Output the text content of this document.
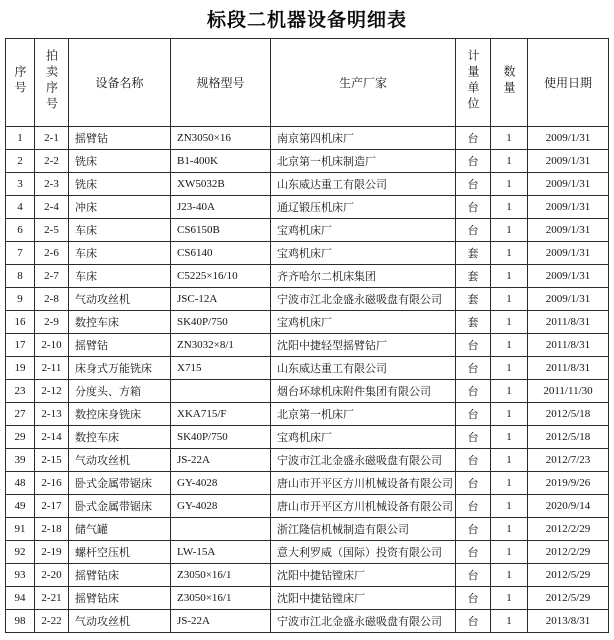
标段二机器设备明细表
序号	拍卖序号	设备名称	规格型号	生产厂家	计量单位	数量	使用日期
1	2-1	摇臂钻	ZN3050×16	南京第四机床厂	台	1	2009/1/31
2	2-2	铣床	B1-400K	北京第一机床制造厂	台	1	2009/1/31
3	2-3	铣床	XW5032B	山东威达重工有限公司	台	1	2009/1/31
4	2-4	冲床	J23-40A	通辽锻压机床厂	台	1	2009/1/31
6	2-5	车床	CS6150B	宝鸡机床厂	台	1	2009/1/31
7	2-6	车床	CS6140	宝鸡机床厂	套	1	2009/1/31
8	2-7	车床	C5225×16/10	齐齐哈尔二机床集团	套	1	2009/1/31
9	2-8	气动攻丝机	JSC-12A	宁波市江北金盛永磁吸盘有限公司	套	1	2009/1/31
16	2-9	数控车床	SK40P/750	宝鸡机床厂	套	1	2011/8/31
17	2-10	摇臂钻	ZN3032×8/1	沈阳中捷轻型摇臂钻厂	台	1	2011/8/31
19	2-11	床身式万能铣床	X715	山东威达重工有限公司	台	1	2011/8/31
23	2-12	分度头、方箱		烟台环球机床附件集团有限公司	台	1	2011/11/30
27	2-13	数控床身铣床	XKA715/F	北京第一机床厂	台	1	2012/5/18
29	2-14	数控车床	SK40P/750	宝鸡机床厂	台	1	2012/5/18
39	2-15	气动攻丝机	JS-22A	宁波市江北金盛永磁吸盘有限公司	台	1	2012/7/23
48	2-16	卧式金属带锯床	GY-4028	唐山市开平区方川机械设备有限公司	台	1	2019/9/26
49	2-17	卧式金属带锯床	GY-4028	唐山市开平区方川机械设备有限公司	台	1	2020/9/14
91	2-18	储气罐		浙江隆信机械制造有限公司	台	1	2012/2/29
92	2-19	螺杆空压机	LW-15A	意大利罗威（国际）投资有限公司	台	1	2012/2/29
93	2-20	摇臂钻床	Z3050×16/1	沈阳中捷钻镗床厂	台	1	2012/5/29
94	2-21	摇臂钻床	Z3050×16/1	沈阳中捷钻镗床厂	台	1	2012/5/29
98	2-22	气动攻丝机	JS-22A	宁波市江北金盛永磁吸盘有限公司	台	1	2013/8/31
